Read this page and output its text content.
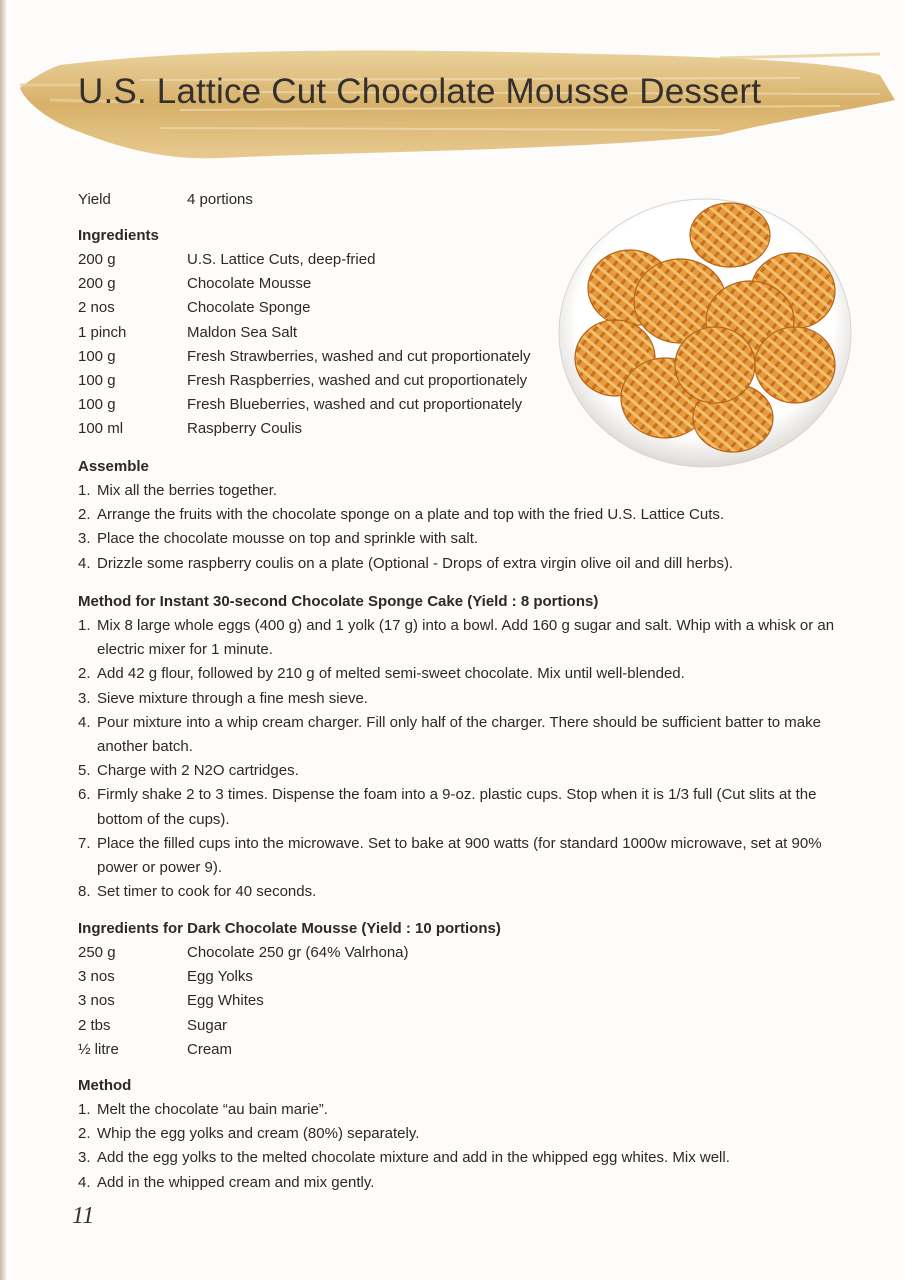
U.S. Lattice Cut Chocolate Mousse Dessert
Yield	4 portions
Ingredients
200 g	U.S. Lattice Cuts, deep-fried
200 g	Chocolate Mousse
2 nos	Chocolate Sponge
1 pinch	Maldon Sea Salt
100 g	Fresh Strawberries, washed and cut proportionately
100 g	Fresh Raspberries, washed and cut proportionately
100 g	Fresh Blueberries, washed and cut proportionately
100 ml	Raspberry Coulis
Assemble
1. Mix all the berries together.
2. Arrange the fruits with the chocolate sponge on a plate and top with the fried U.S. Lattice Cuts.
3. Place the chocolate mousse on top and sprinkle with salt.
4. Drizzle some raspberry coulis on a plate (Optional - Drops of extra virgin olive oil and dill herbs).
Method for Instant 30-second Chocolate Sponge Cake (Yield : 8 portions)
1. Mix 8 large whole eggs (400 g) and 1 yolk (17 g) into a bowl. Add 160 g sugar and salt. Whip with a whisk or an electric mixer for 1 minute.
2. Add 42 g flour, followed by 210 g of melted semi-sweet chocolate. Mix until well-blended.
3. Sieve mixture through a fine mesh sieve.
4. Pour mixture into a whip cream charger. Fill only half of the charger. There should be sufficient batter to make another batch.
5. Charge with 2 N2O cartridges.
6. Firmly shake 2 to 3 times. Dispense the foam into a 9-oz. plastic cups. Stop when it is 1/3 full (Cut slits at the bottom of the cups).
7. Place the filled cups into the microwave. Set to bake at 900 watts (for standard 1000w microwave, set at 90% power or power 9).
8. Set timer to cook for 40 seconds.
Ingredients for Dark Chocolate Mousse (Yield : 10 portions)
250 g	Chocolate 250 gr (64% Valrhona)
3 nos	Egg Yolks
3 nos	Egg Whites
2 tbs	Sugar
½ litre	Cream
Method
1. Melt the chocolate “au bain marie”.
2. Whip the egg yolks and cream (80%) separately.
3. Add the egg yolks to the melted chocolate mixture and add in the whipped egg whites. Mix well.
4. Add in the whipped cream and mix gently.
11
